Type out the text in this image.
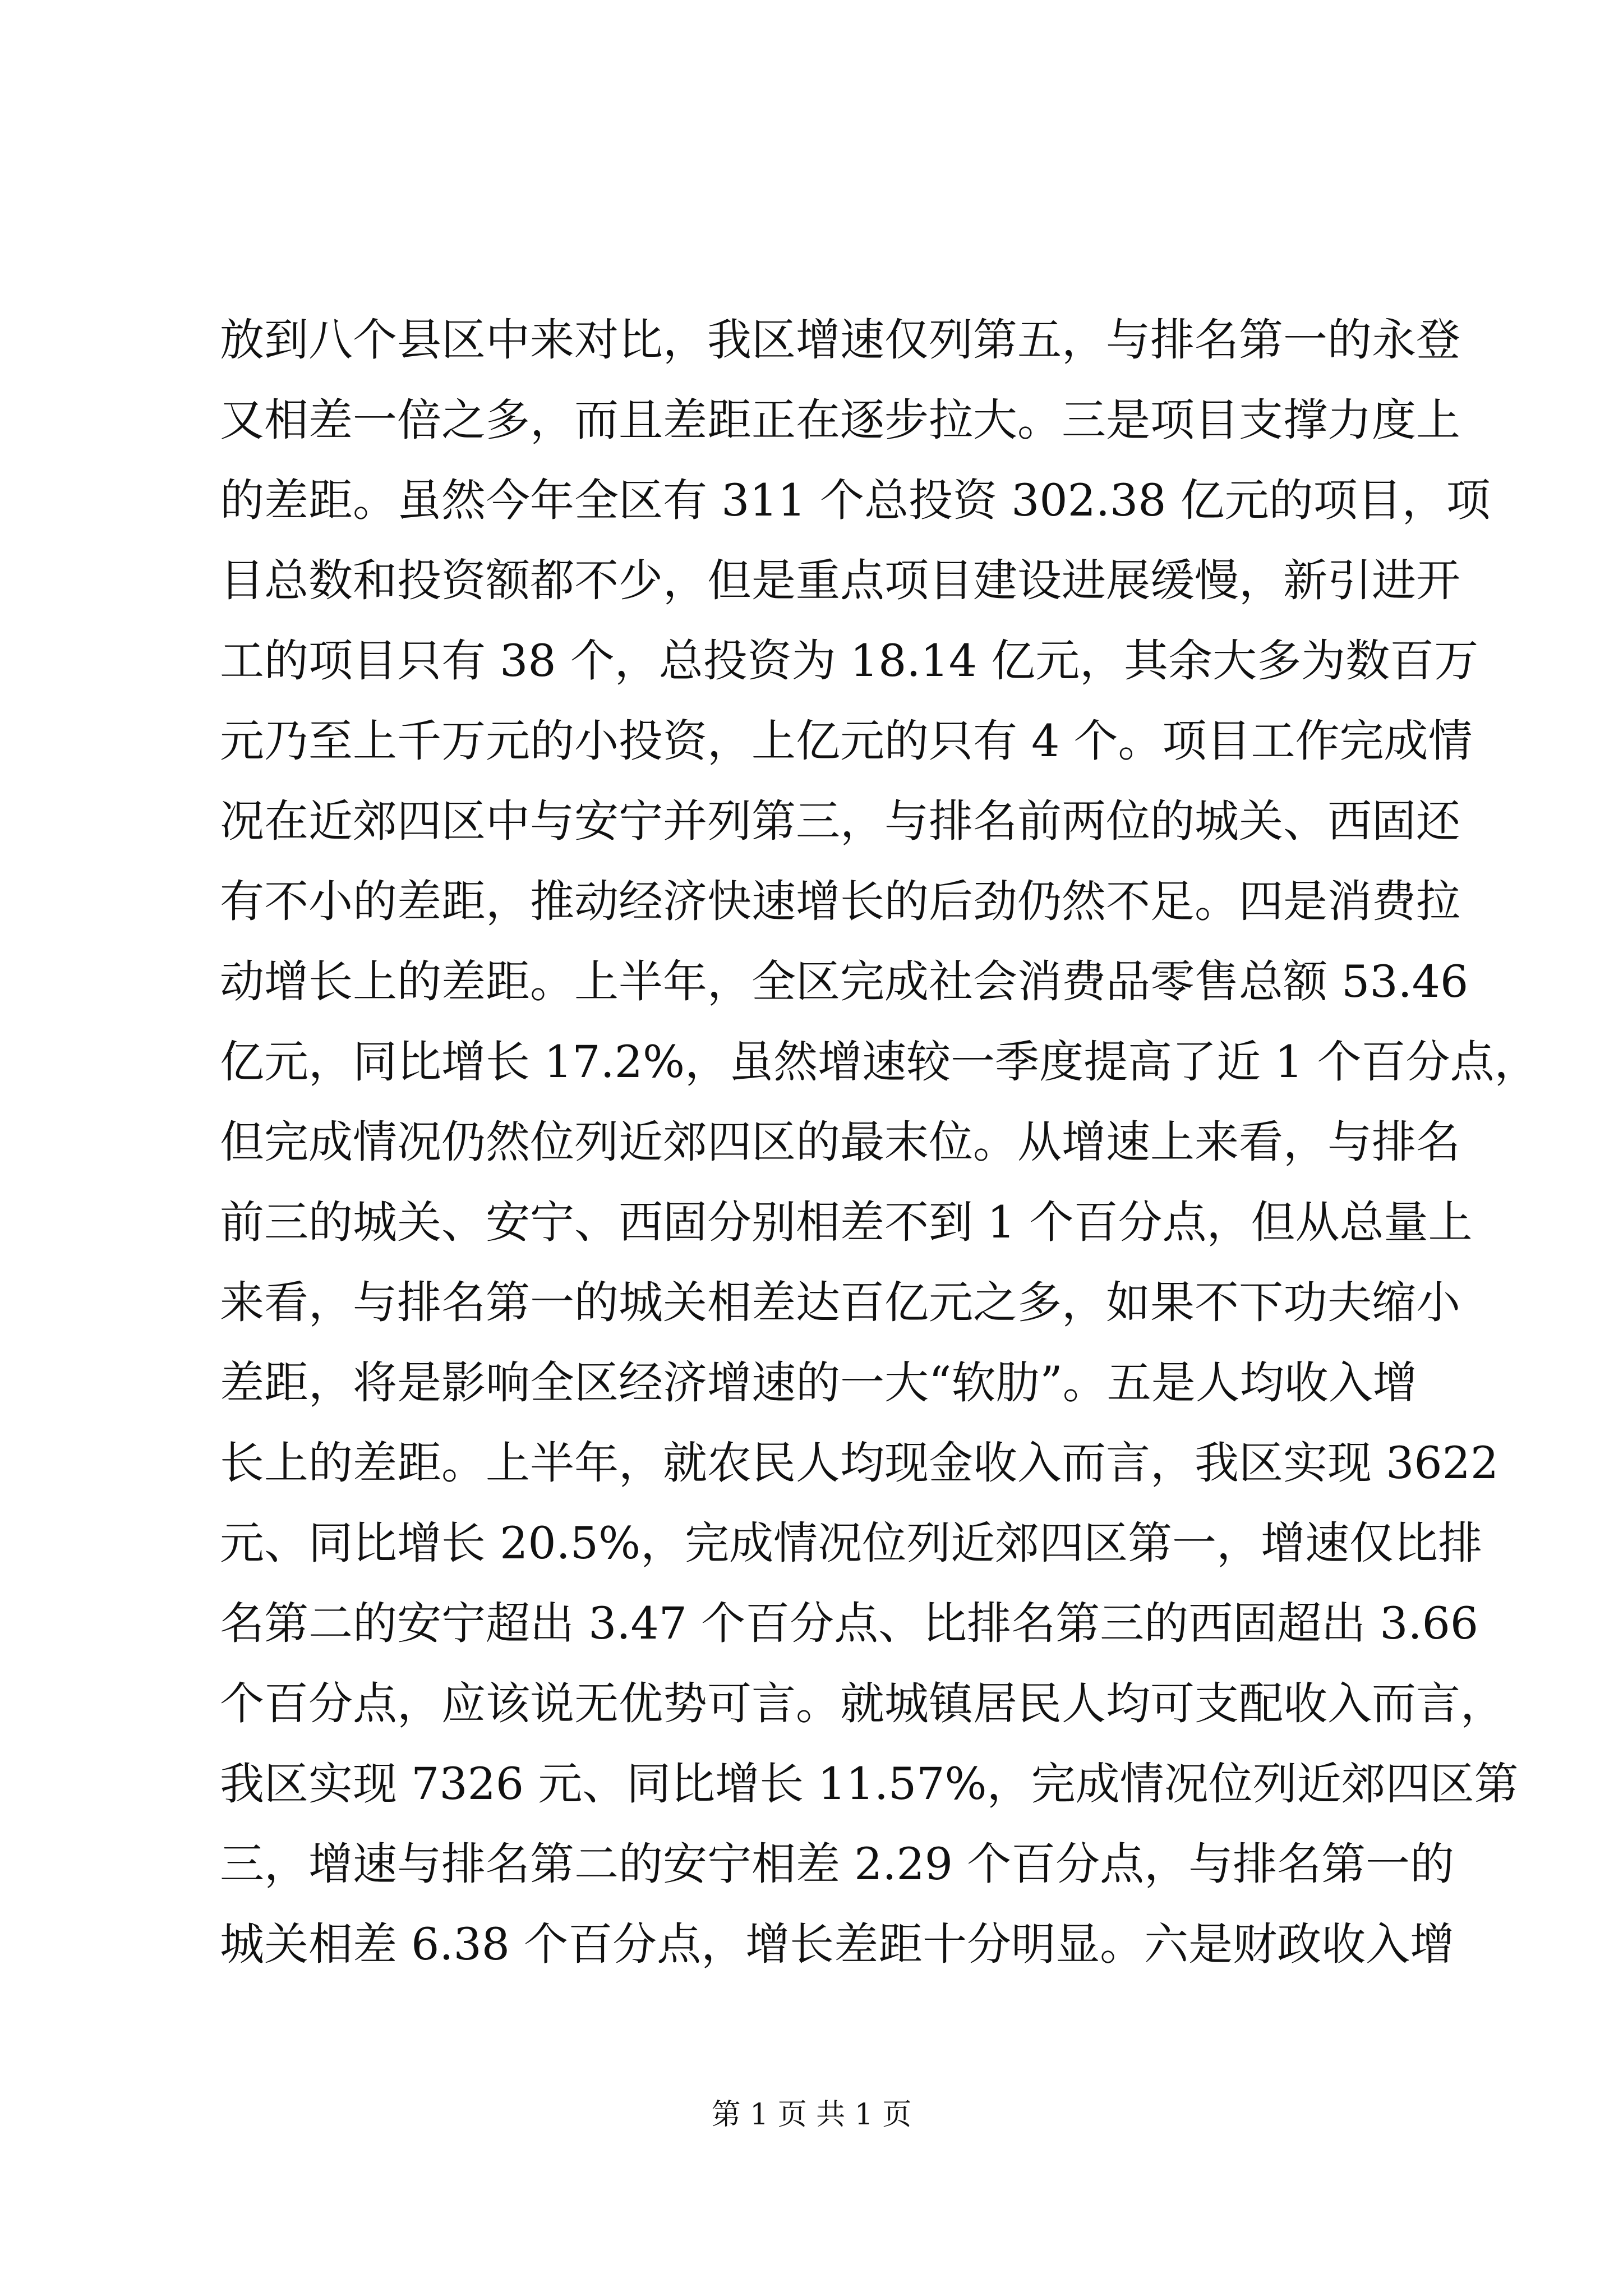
放到八个县区中来对比，我区增速仅列第五，与排名第一的永登
又相差一倍之多，而且差距正在逐步拉大。三是项目支撑力度上
的差距。虽然今年全区有 311 个总投资 302.38 亿元的项目，项
目总数和投资额都不少，但是重点项目建设进展缓慢，新引进开
工的项目只有 38 个，总投资为 18.14 亿元，其余大多为数百万
元乃至上千万元的小投资，上亿元的只有 4 个。项目工作完成情
况在近郊四区中与安宁并列第三，与排名前两位的城关、西固还
有不小的差距，推动经济快速增长的后劲仍然不足。四是消费拉
动增长上的差距。上半年，全区完成社会消费品零售总额 53.46
亿元，同比增长 17.2%，虽然增速较一季度提高了近 1 个百分点，
但完成情况仍然位列近郊四区的最末位。从增速上来看，与排名
前三的城关、安宁、西固分别相差不到 1 个百分点，但从总量上
来看，与排名第一的城关相差达百亿元之多，如果不下功夫缩小
差距，将是影响全区经济增速的一大“软肋”。五是人均收入增
长上的差距。上半年，就农民人均现金收入而言，我区实现 3622
元、同比增长 20.5%，完成情况位列近郊四区第一，增速仅比排
名第二的安宁超出 3.47 个百分点、比排名第三的西固超出 3.66
个百分点，应该说无优势可言。就城镇居民人均可支配收入而言，
我区实现 7326 元、同比增长 11.57%，完成情况位列近郊四区第
三，增速与排名第二的安宁相差 2.29 个百分点，与排名第一的
城关相差 6.38 个百分点，增长差距十分明显。六是财政收入增
第 1 页 共 1 页
